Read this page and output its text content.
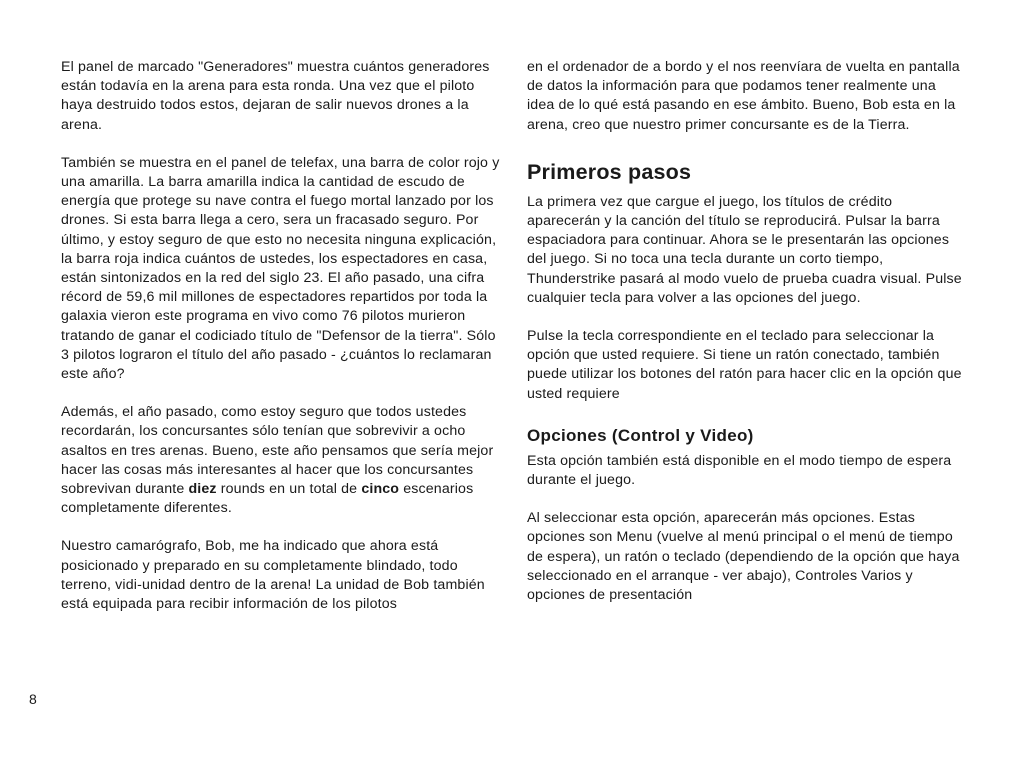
El panel de marcado "Generadores" muestra cuántos generadores están todavía en la arena para esta ronda. Una vez que el piloto haya destruido todos estos, dejaran de salir nuevos drones a la arena.

También se muestra en el panel de telefax, una barra de color rojo y una amarilla. La barra amarilla indica la cantidad de escudo de energía que protege su nave contra el fuego mortal lanzado por los drones. Si esta barra llega a cero, sera un fracasado seguro. Por último, y estoy seguro de que esto no necesita ninguna explicación, la barra roja indica cuántos de ustedes, los espectadores en casa, están sintonizados en la red del siglo 23. El año pasado, una cifra récord de 59,6 mil millones de espectadores repartidos por toda la galaxia vieron este programa en vivo como 76 pilotos murieron tratando de ganar el codiciado título de "Defensor de la tierra". Sólo 3 pilotos lograron el título del año pasado - ¿cuántos lo reclamaran este año?

Además, el año pasado, como estoy seguro que todos ustedes recordarán, los concursantes sólo tenían que sobrevivir a ocho asaltos en tres arenas. Bueno, este año pensamos que sería mejor hacer las cosas más interesantes al hacer que los concursantes sobrevivan durante diez rounds en un total de cinco escenarios completamente diferentes.

Nuestro camarógrafo, Bob, me ha indicado que ahora está posicionado y preparado en su completamente blindado, todo terreno, vidi-unidad dentro de la arena! La unidad de Bob también está equipada para recibir información de los pilotos

en el ordenador de a bordo y el nos reenvíara de vuelta en pantalla de datos la información para que podamos tener realmente una idea de lo qué está pasando en ese ámbito. Bueno, Bob esta en la arena, creo que nuestro primer concursante es de la Tierra.

Primeros pasos

La primera vez que cargue el juego, los títulos de crédito aparecerán y la canción del título se reproducirá. Pulsar la barra espaciadora para continuar. Ahora se le presentarán las opciones del juego. Si no toca una tecla durante un corto tiempo, Thunderstrike pasará al modo vuelo de prueba cuadra visual. Pulse cualquier tecla para volver a las opciones del juego.

Pulse la tecla correspondiente en el teclado para seleccionar la opción que usted requiere. Si tiene un ratón conectado, también puede utilizar los botones del ratón para hacer clic en la opción que usted requiere

Opciones (Control y Video)

Esta opción también está disponible en el modo tiempo de espera durante el juego.

Al seleccionar esta opción, aparecerán más opciones. Estas opciones son Menu (vuelve al menú principal o el menú de tiempo de espera), un ratón o teclado (dependiendo de la opción que haya seleccionado en el arranque - ver abajo), Controles Varios y opciones de presentación

8
